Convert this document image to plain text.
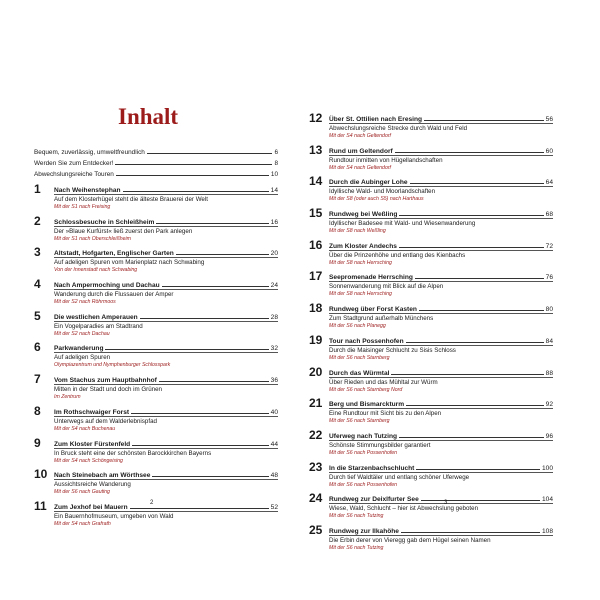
Inhalt
Bequem, zuverlässig, umweltfreundlich	6
Werden Sie zum Entdecker!	8
Abwechslungsreiche Touren	10
1	Nach Weihenstephan	14
Auf dem Klosterhügel steht die älteste Brauerei der Welt
Mit der S1 nach Freising
2	Schlossbesuche in Schleißheim	16
Der »Blaue Kurfürst« ließ zuerst den Park anlegen
Mit der S1 nach Oberschleißheim
3	Altstadt, Hofgarten, Englischer Garten	20
Auf adeligen Spuren vom Marienplatz nach Schwabing
Von der Innenstadt nach Schwabing
4	Nach Ampermoching und Dachau	24
Wanderung durch die Flussauen der Amper
Mit der S2 nach Röhrmoos
5	Die westlichen Amperauen	28
Ein Vogelparadies am Stadtrand
Mit der S2 nach Dachau
6	Parkwanderung	32
Auf adeligen Spuren
Olympiazentrum und Nymphenburger Schlosspark
7	Vom Stachus zum Hauptbahnhof	36
Mitten in der Stadt und doch im Grünen
Im Zentrum
8	Im Rothschwaiger Forst	40
Unterwegs auf dem Walderlebnispfad
Mit der S4 nach Buchenau
9	Zum Kloster Fürstenfeld	44
In Bruck steht eine der schönsten Barockkirchen Bayerns
Mit der S4 nach Schöngeising
10	Nach Steinebach am Wörthsee	48
Aussichtsreiche Wanderung
Mit der S6 nach Gauting
11	Zum Jexhof bei Mauern	52
Ein Bauernhofmuseum, umgeben von Wald
Mit der S4 nach Grafrath
2
12	Über St. Ottilien nach Eresing	56
Abwechslungsreiche Strecke durch Wald und Feld
Mit der S4 nach Geltendorf
13	Rund um Geltendorf	60
Rundtour inmitten von Hügellandschaften
Mit der S4 nach Geltendorf
14	Durch die Aubinger Lohe	64
Idyllische Wald- und Moorlandschaften
Mit der S8 (oder auch S5) nach Harthaus
15	Rundweg bei Weßling	68
Idyllischer Badesee mit Wald- und Wiesenwanderung
Mit der S8 nach Weßling
16	Zum Kloster Andechs	72
Über die Prinzenhöhe und entlang des Kienbachs
Mit der S8 nach Herrsching
17	Seepromenade Herrsching	76
Sonnenwanderung mit Blick auf die Alpen
Mit der S8 nach Herrsching
18	Rundweg über Forst Kasten	80
Zum Stadtgrund außerhalb Münchens
Mit der S6 nach Planegg
19	Tour nach Possenhofen	84
Durch die Maisinger Schlucht zu Sisis Schloss
Mit der S6 nach Starnberg
20	Durch das Würmtal	88
Über Rieden und das Mühltal zur Würm
Mit der S6 nach Starnberg Nord
21	Berg und Bismarckturm	92
Eine Rundtour mit Sicht bis zu den Alpen
Mit der S6 nach Starnberg
22	Uferweg nach Tutzing	96
Schönste Stimmungsbilder garantiert
Mit der S6 nach Possenhofen
23	In die Starzenbachschlucht	100
Durch tief Waldtäler und entlang schöner Uferwege
Mit der S6 nach Possenhofen
24	Rundweg zur Deixlfurter See	104
Wiese, Wald, Schlucht – hier ist Abwechslung geboten
Mit der S6 nach Tutzing
25	Rundweg zur Ilkahöhe	108
Die Erbin derer von Vieregg gab dem Hügel seinen Namen
Mit der S6 nach Tutzing
3
